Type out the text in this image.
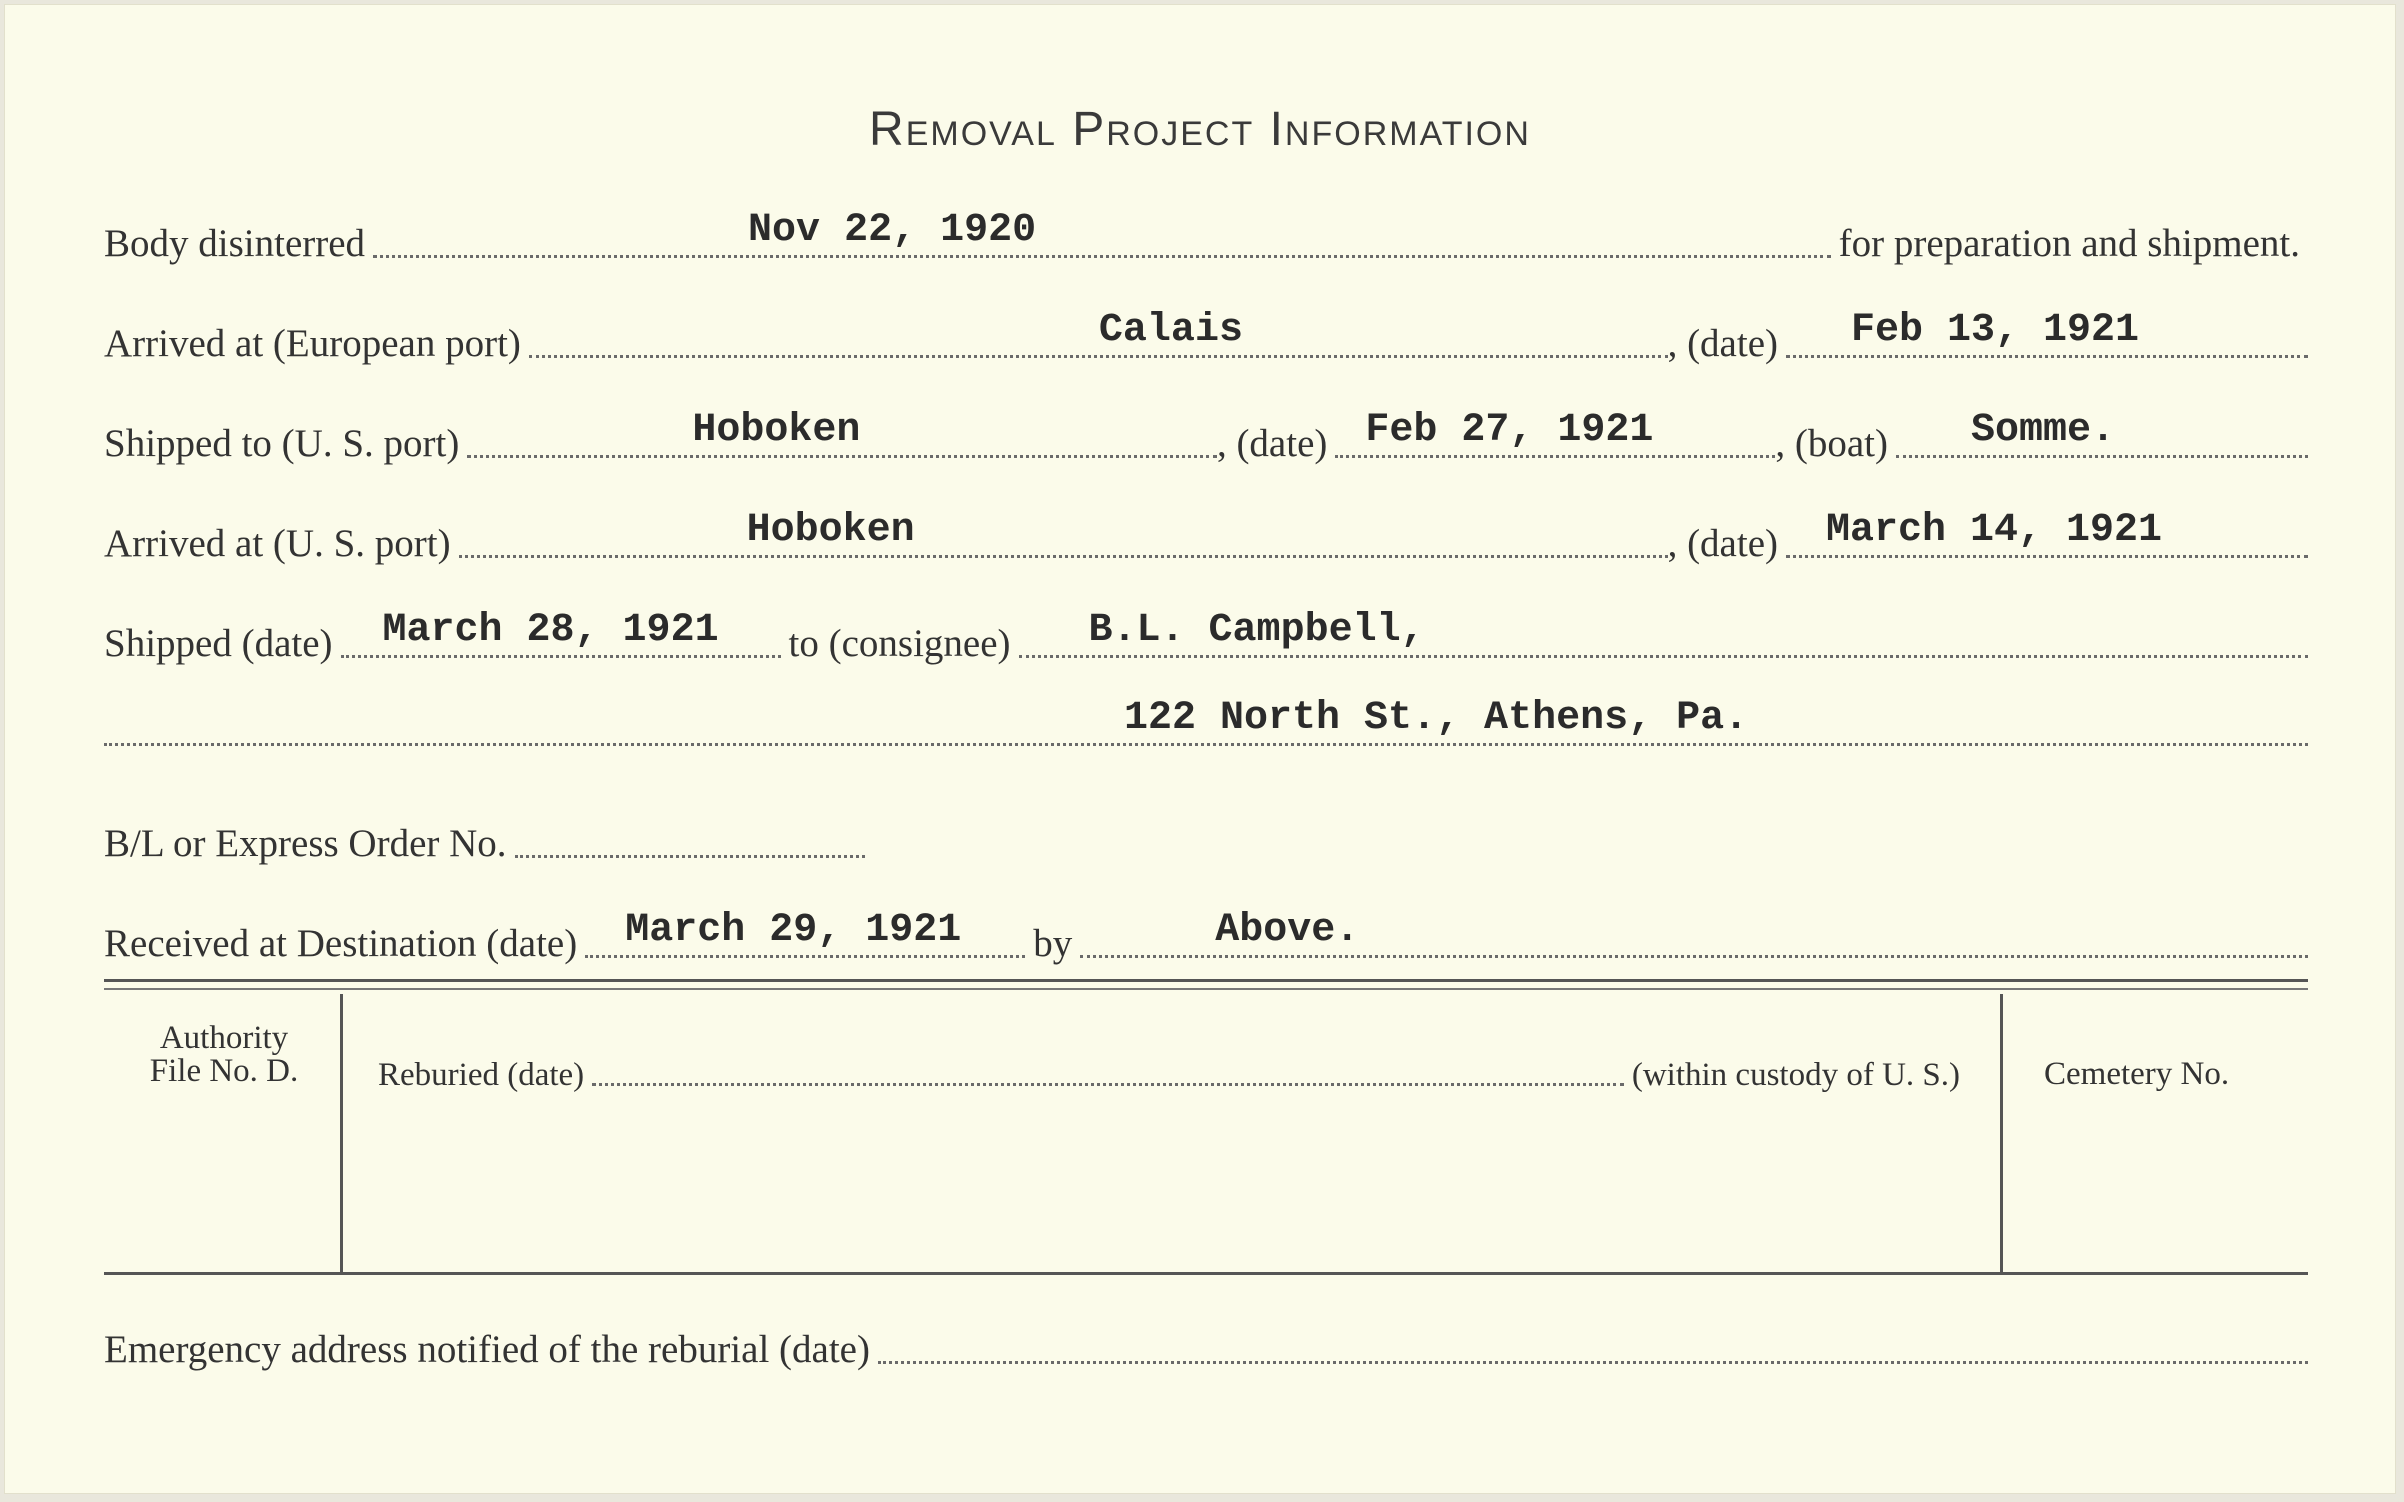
Removal Project Information
Body disinterred	Nov 22, 1920	for preparation and shipment.
Arrived at (European port)	Calais	, (date) Feb 13, 1921
Shipped to (U. S. port)	Hoboken	, (date) Feb 27, 1921	, (boat) Somme.
Arrived at (U. S. port)	Hoboken	, (date) March 14, 1921
Shipped (date) March 28, 1921 to (consignee) B.L. Campbell,
122 North St., Athens, Pa.
B/L or Express Order No.
Received at Destination (date) March 29, 1921 by	Above.
Authority
File No. D.	Reburied (date)	(within custody of U. S.)	Cemetery No.
Emergency address notified of the reburial (date)
